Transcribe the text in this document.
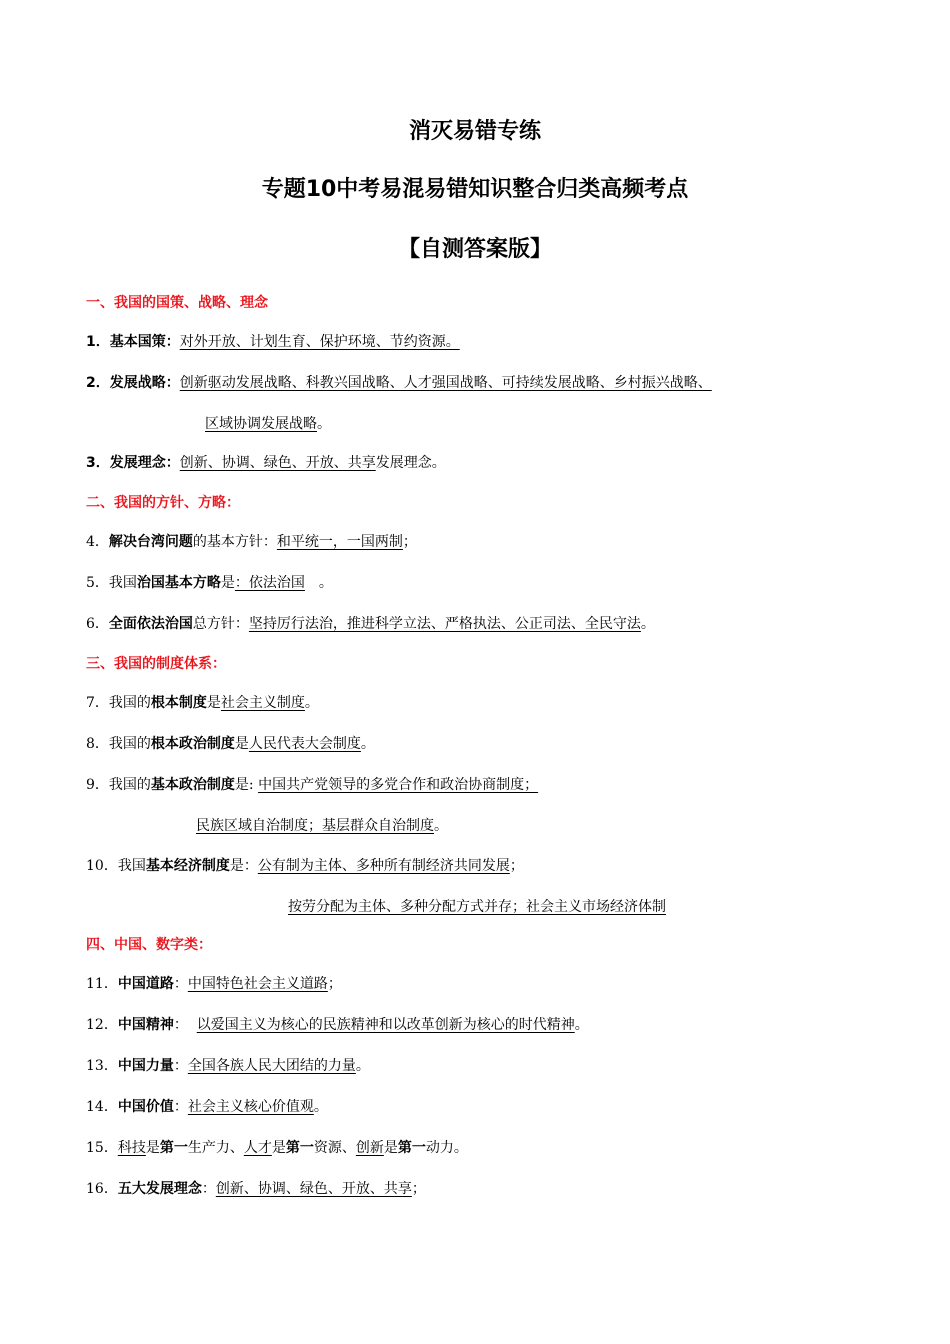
消灭易错专练
专题10中考易混易错知识整合归类高频考点
【自测答案版】
一、我国的国策、战略、理念
1．基本国策：对外开放、计划生育、保护环境、节约资源。
2．发展战略：创新驱动发展战略、科教兴国战略、人才强国战略、可持续发展战略、乡村振兴战略、
区域协调发展战略。
3．发展理念：创新、协调、绿色、开放、共享发展理念。
二、我国的方针、方略：
4．解决台湾问题的基本方针：和平统一，一国两制；
5．我国治国基本方略是：依法治国　。
6．全面依法治国总方针：坚持厉行法治，推进科学立法、严格执法、公正司法、全民守法。
三、我国的制度体系：
7．我国的根本制度是社会主义制度。
8．我国的根本政治制度是人民代表大会制度。
9．我国的基本政治制度是: 中国共产党领导的多党合作和政治协商制度；
民族区域自治制度；基层群众自治制度。
10．我国基本经济制度是：公有制为主体、多种所有制经济共同发展；
按劳分配为主体、多种分配方式并存；社会主义市场经济体制
四、中国、数字类：
11．中国道路：中国特色社会主义道路；
12．中国精神：  以爱国主义为核心的民族精神和以改革创新为核心的时代精神。
13．中国力量：全国各族人民大团结的力量。
14．中国价值：社会主义核心价值观。
15．科技是第一生产力、人才是第一资源、创新是第一动力。
16．五大发展理念：创新、协调、绿色、开放、共享；
